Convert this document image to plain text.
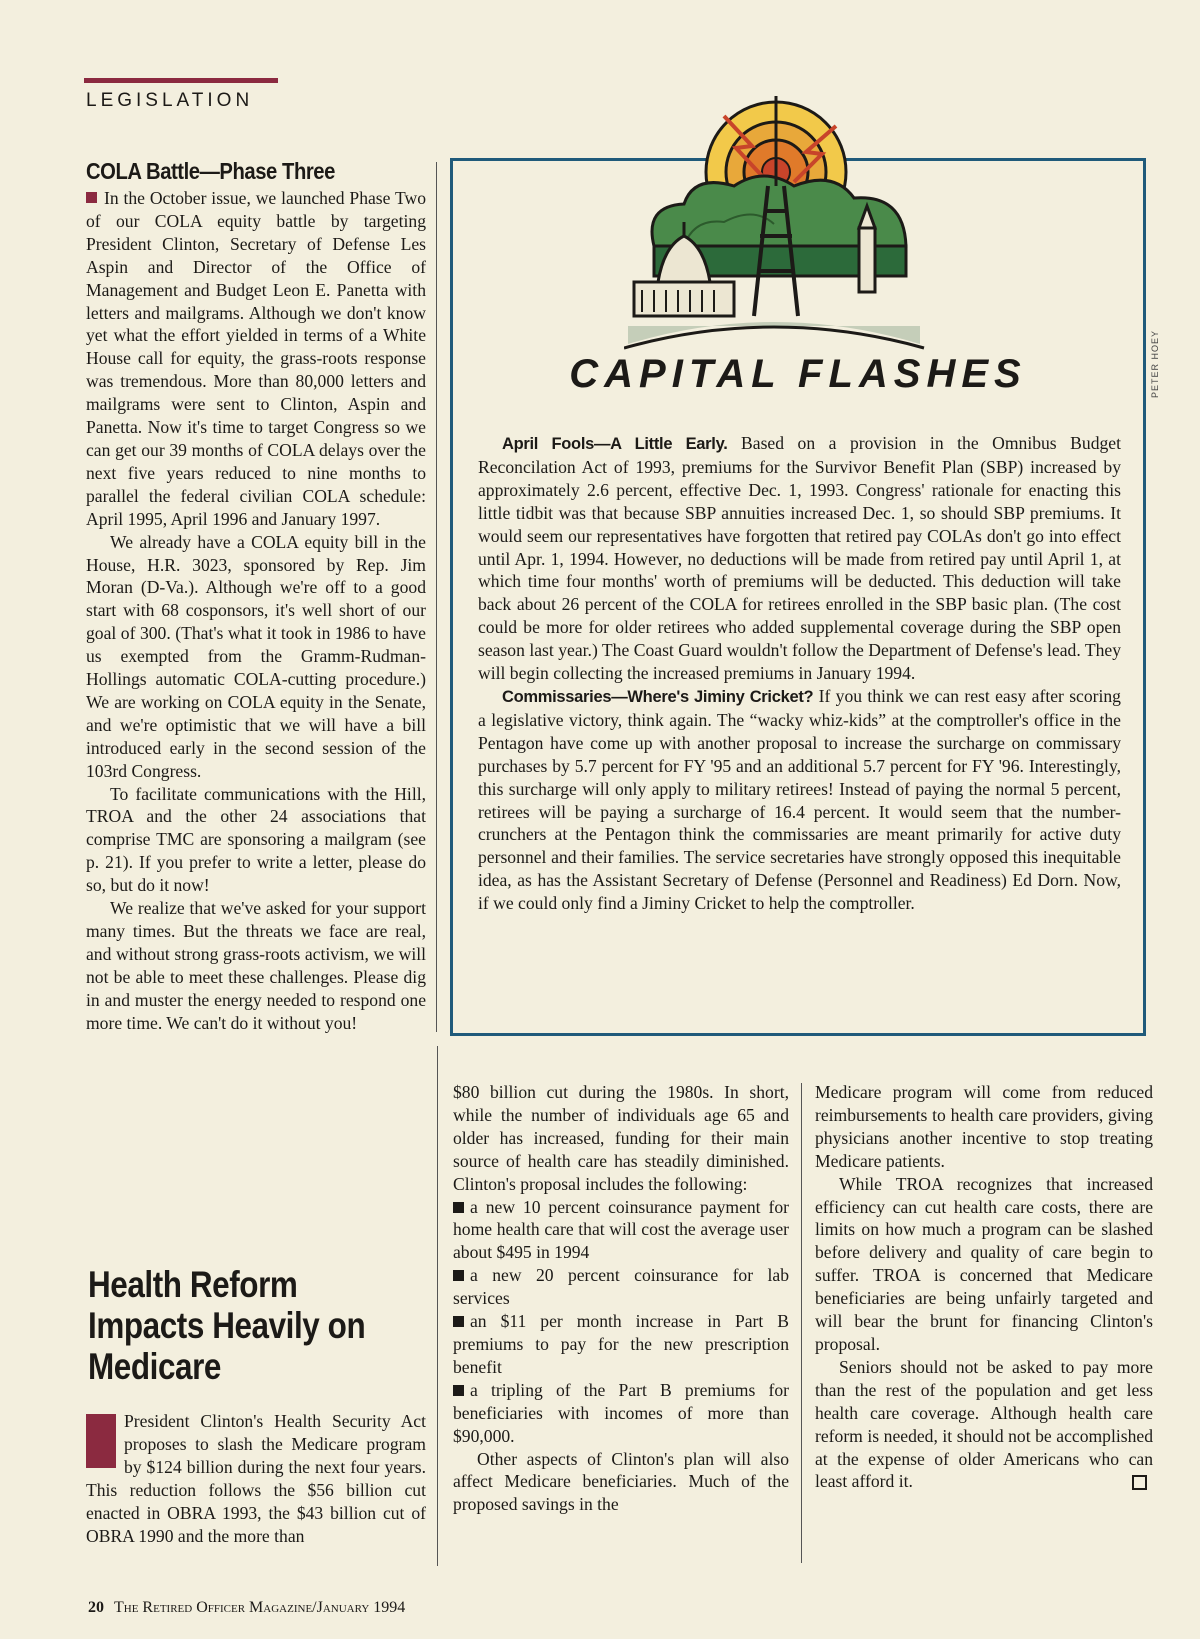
LEGISLATION
COLA Battle—Phase Three

In the October issue, we launched Phase Two of our COLA equity battle by targeting President Clinton, Secretary of Defense Les Aspin and Director of the Office of Management and Budget Leon E. Panetta with letters and mailgrams. Although we don't know yet what the effort yielded in terms of a White House call for equity, the grass-roots response was tremendous. More than 80,000 letters and mailgrams were sent to Clinton, Aspin and Panetta. Now it's time to target Congress so we can get our 39 months of COLA delays over the next five years reduced to nine months to parallel the federal civilian COLA schedule: April 1995, April 1996 and January 1997.

We already have a COLA equity bill in the House, H.R. 3023, sponsored by Rep. Jim Moran (D-Va.). Although we're off to a good start with 68 cosponsors, it's well short of our goal of 300. (That's what it took in 1986 to have us exempted from the Gramm-Rudman-Hollings automatic COLA-cutting procedure.) We are working on COLA equity in the Senate, and we're optimistic that we will have a bill introduced early in the second session of the 103rd Congress.

To facilitate communications with the Hill, TROA and the other 24 associations that comprise TMC are sponsoring a mailgram (see p. 21). If you prefer to write a letter, please do so, but do it now!

We realize that we've asked for your support many times. But the threats we face are real, and without strong grass-roots activism, we will not be able to meet these challenges. Please dig in and muster the energy needed to respond one more time. We can't do it without you!

CAPITAL FLASHES	PETER HOEY

April Fools—A Little Early. Based on a provision in the Omnibus Budget Reconcilation Act of 1993, premiums for the Survivor Benefit Plan (SBP) increased by approximately 2.6 percent, effective Dec. 1, 1993. Congress' rationale for enacting this little tidbit was that because SBP annuities increased Dec. 1, so should SBP premiums. It would seem our representatives have forgotten that retired pay COLAs don't go into effect until Apr. 1, 1994. However, no deductions will be made from retired pay until April 1, at which time four months' worth of premiums will be deducted. This deduction will take back about 26 percent of the COLA for retirees enrolled in the SBP basic plan. (The cost could be more for older retirees who added supplemental coverage during the SBP open season last year.) The Coast Guard wouldn't follow the Department of Defense's lead. They will begin collecting the increased premiums in January 1994.

Commissaries—Where's Jiminy Cricket? If you think we can rest easy after scoring a legislative victory, think again. The “wacky whiz-kids” at the comptroller's office in the Pentagon have come up with another proposal to increase the surcharge on commissary purchases by 5.7 percent for FY '95 and an additional 5.7 percent for FY '96. Interestingly, this surcharge will only apply to military retirees! Instead of paying the normal 5 percent, retirees will be paying a surcharge of 16.4 percent. It would seem that the number-crunchers at the Pentagon think the commissaries are meant primarily for active duty personnel and their families. The service secretaries have strongly opposed this inequitable idea, as has the Assistant Secretary of Defense (Personnel and Readiness) Ed Dorn. Now, if we could only find a Jiminy Cricket to help the comptroller.

Health Reform Impacts Heavily on Medicare

President Clinton's Health Security Act proposes to slash the Medicare program by $124 billion during the next four years. This reduction follows the $56 billion cut enacted in OBRA 1993, the $43 billion cut of OBRA 1990 and the more than

$80 billion cut during the 1980s. In short, while the number of individuals age 65 and older has increased, funding for their main source of health care has steadily diminished. Clinton's proposal includes the following:

a new 10 percent coinsurance payment for home health care that will cost the average user about $495 in 1994

a new 20 percent coinsurance for lab services

an $11 per month increase in Part B premiums to pay for the new prescription benefit

a tripling of the Part B premiums for beneficiaries with incomes of more than $90,000.

Other aspects of Clinton's plan will also affect Medicare beneficiaries. Much of the proposed savings in the

Medicare program will come from reduced reimbursements to health care providers, giving physicians another incentive to stop treating Medicare patients.

While TROA recognizes that increased efficiency can cut health care costs, there are limits on how much a program can be slashed before delivery and quality of care begin to suffer. TROA is concerned that Medicare beneficiaries are being unfairly targeted and will bear the brunt for financing Clinton's proposal.

Seniors should not be asked to pay more than the rest of the population and get less health care coverage. Although health care reform is needed, it should not be accomplished at the expense of older Americans who can least afford it.

20 The Retired Officer Magazine/January 1994
